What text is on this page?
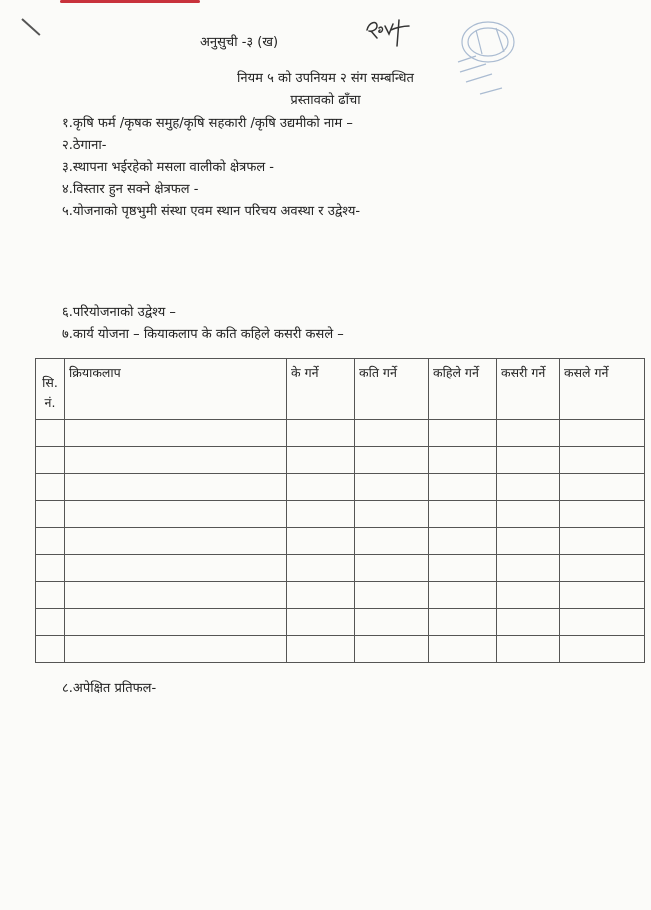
अनुसुची -३ (ख)
नियम ५ को उपनियम २ संग सम्बन्धित
प्रस्तावको ढाँचा
१.कृषि फर्म /कृषक समुह/कृषि सहकारी /कृषि उद्यमीको नाम –
२.ठेगाना-
३.स्थापना भईरहेको मसला वालीको क्षेत्रफल -
४.विस्तार हुन सक्ने क्षेत्रफल -
५.योजनाको पृष्ठभुमी संस्था एवम स्थान परिचय अवस्था र उद्वेश्य-
६.परियोजनाको उद्वेश्य –
७.कार्य योजना – कियाकलाप के कति कहिले कसरी कसले –
सि. नं.	क्रियाकलाप	के गर्ने	कति गर्ने	कहिले गर्ने	कसरी गर्ने	कसले गर्ने

८.अपेक्षित प्रतिफल-
